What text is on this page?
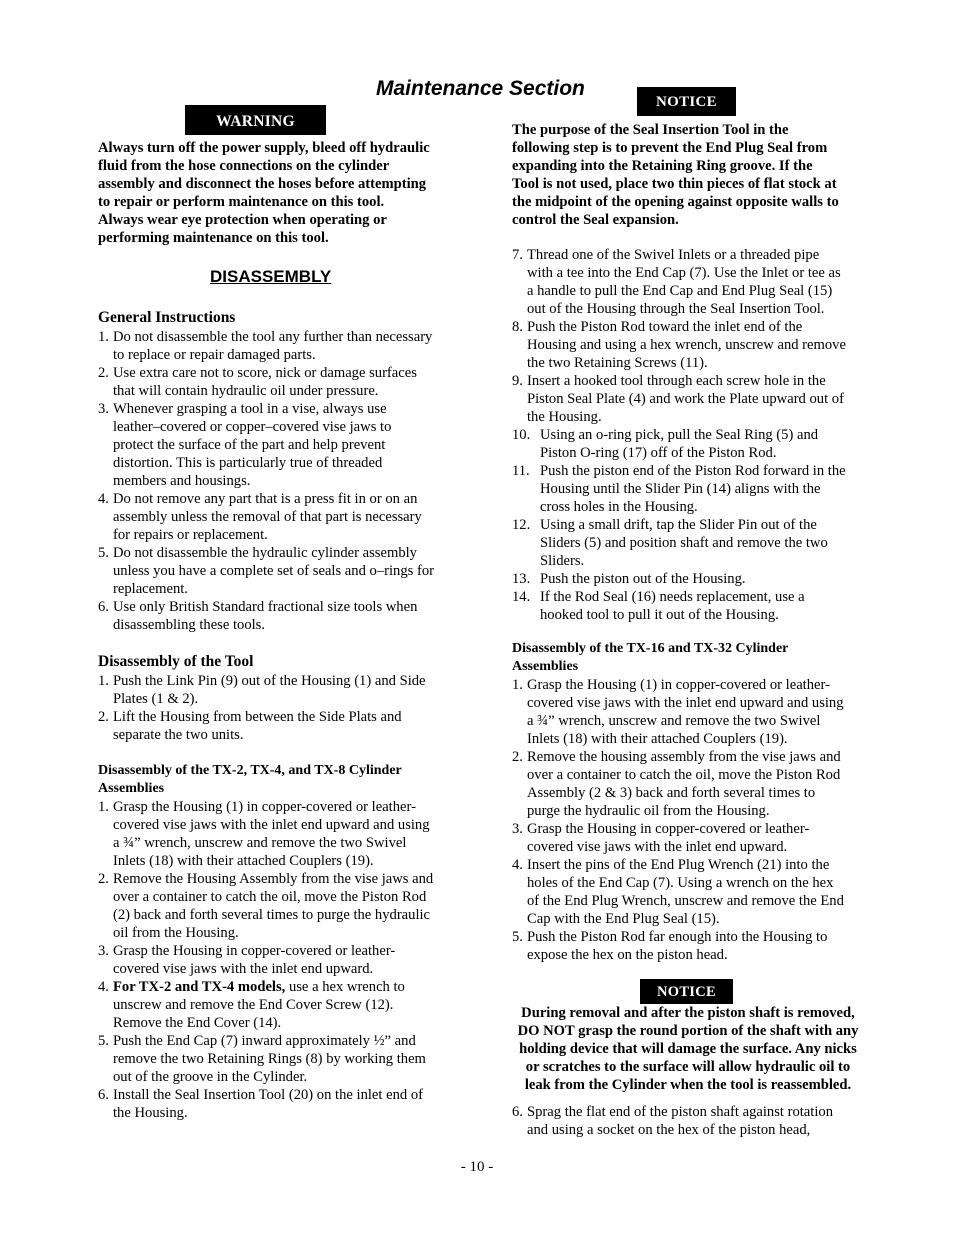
Maintenance Section
WARNING
Always turn off the power supply, bleed off hydraulic
fluid from the hose connections on the cylinder
assembly and disconnect the hoses before attempting
to repair or perform maintenance on this tool.
Always wear eye protection when operating or
performing maintenance on this tool.
DISASSEMBLY
General Instructions
1. Do not disassemble the tool any further than necessary
to replace or repair damaged parts.
2. Use extra care not to score, nick or damage surfaces
that will contain hydraulic oil under pressure.
3. Whenever grasping a tool in a vise, always use
leather–covered or copper–covered vise jaws to
protect the surface of the part and help prevent
distortion. This is particularly true of threaded
members and housings.
4. Do not remove any part that is a press fit in or on an
assembly unless the removal of that part is necessary
for repairs or replacement.
5. Do not disassemble the hydraulic cylinder assembly
unless you have a complete set of seals and o–rings for
replacement.
6. Use only British Standard fractional size tools when
disassembling these tools.
Disassembly of the Tool
1. Push the Link Pin (9) out of the Housing (1) and Side
Plates (1 & 2).
2. Lift the Housing from between the Side Plats and
separate the two units.
Disassembly of the TX-2, TX-4, and TX-8 Cylinder
Assemblies
1. Grasp the Housing (1) in copper-covered or leather-
covered vise jaws with the inlet end upward and using
a ¾” wrench, unscrew and remove the two Swivel
Inlets (18) with their attached Couplers (19).
2. Remove the Housing Assembly from the vise jaws and
over a container to catch the oil, move the Piston Rod
(2) back and forth several times to purge the hydraulic
oil from the Housing.
3. Grasp the Housing in copper-covered or leather-
covered vise jaws with the inlet end upward.
4. For TX-2 and TX-4 models, use a hex wrench to
unscrew and remove the End Cover Screw (12).
Remove the End Cover (14).
5. Push the End Cap (7) inward approximately ½” and
remove the two Retaining Rings (8) by working them
out of the groove in the Cylinder.
6. Install the Seal Insertion Tool (20) on the inlet end of
the Housing.
NOTICE
The purpose of the Seal Insertion Tool in the
following step is to prevent the End Plug Seal from
expanding into the Retaining Ring groove. If the
Tool is not used, place two thin pieces of flat stock at
the midpoint of the opening against opposite walls to
control the Seal expansion.
7. Thread one of the Swivel Inlets or a threaded pipe
with a tee into the End Cap (7). Use the Inlet or tee as
a handle to pull the End Cap and End Plug Seal (15)
out of the Housing through the Seal Insertion Tool.
8. Push the Piston Rod toward the inlet end of the
Housing and using a hex wrench, unscrew and remove
the two Retaining Screws (11).
9. Insert a hooked tool through each screw hole in the
Piston Seal Plate (4) and work the Plate upward out of
the Housing.
10. Using an o-ring pick, pull the Seal Ring (5) and
Piston O-ring (17) off of the Piston Rod.
11. Push the piston end of the Piston Rod forward in the
Housing until the Slider Pin (14) aligns with the
cross holes in the Housing.
12. Using a small drift, tap the Slider Pin out of the
Sliders (5) and position shaft and remove the two
Sliders.
13. Push the piston out of the Housing.
14. If the Rod Seal (16) needs replacement, use a
hooked tool to pull it out of the Housing.
Disassembly of the TX-16 and TX-32 Cylinder
Assemblies
1. Grasp the Housing (1) in copper-covered or leather-
covered vise jaws with the inlet end upward and using
a ¾” wrench, unscrew and remove the two Swivel
Inlets (18) with their attached Couplers (19).
2. Remove the housing assembly from the vise jaws and
over a container to catch the oil, move the Piston Rod
Assembly (2 & 3) back and forth several times to
purge the hydraulic oil from the Housing.
3. Grasp the Housing in copper-covered or leather-
covered vise jaws with the inlet end upward.
4. Insert the pins of the End Plug Wrench (21) into the
holes of the End Cap (7). Using a wrench on the hex
of the End Plug Wrench, unscrew and remove the End
Cap with the End Plug Seal (15).
5. Push the Piston Rod far enough into the Housing to
expose the hex on the piston head.
NOTICE
During removal and after the piston shaft is removed,
DO NOT grasp the round portion of the shaft with any
holding device that will damage the surface. Any nicks
or scratches to the surface will allow hydraulic oil to
leak from the Cylinder when the tool is reassembled.
6. Sprag the flat end of the piston shaft against rotation
and using a socket on the hex of the piston head,
- 10 -
